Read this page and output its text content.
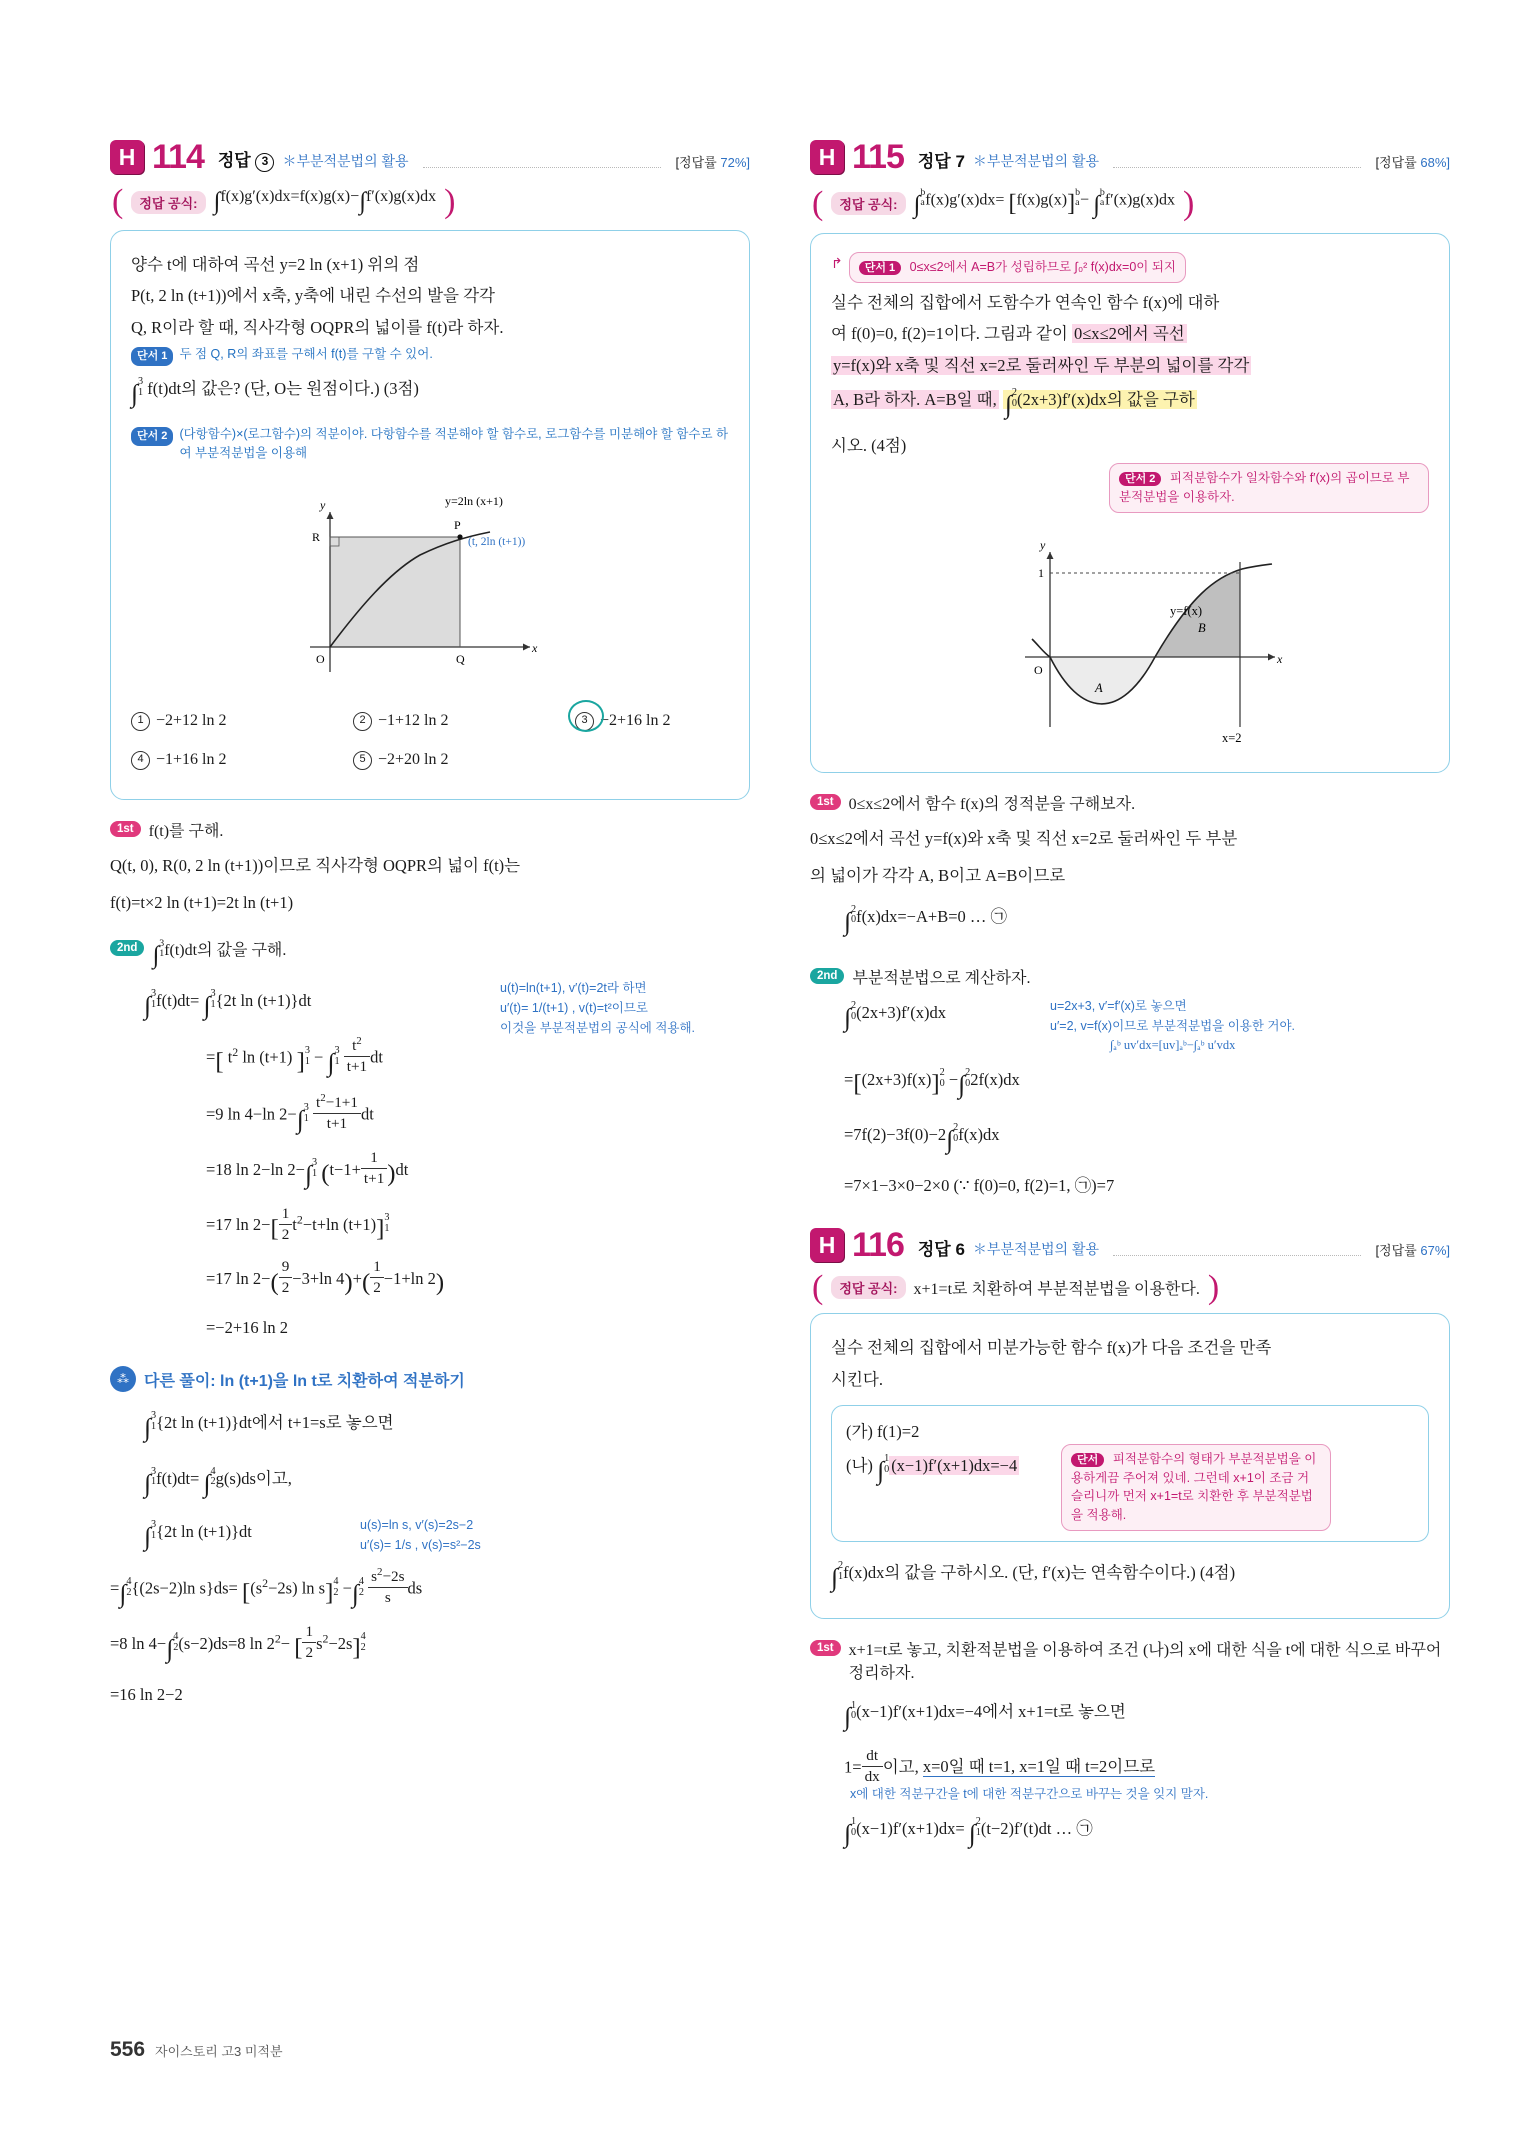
H 114 정답 3	＊부분적분법의 활용	[정답률 72%]
(	정답 공식: ∫f(x)g′(x)dx=f(x)g(x)−∫f′(x)g(x)dx )
양수 t에 대하여 곡선 y=2 ln (x+1) 위의 점
P(t, 2 ln (t+1))에서 x축, y축에 내린 수선의 발을 각각
Q, R이라 할 때, 직사각형 OQPR의 넓이를 f(t)라 하자.
단서 1 두 점 Q, R의 좌표를 구해서 f(t)를 구할 수 있어.
∫ 3
1 f(t)dt의 값은? (단, O는 원점이다.) (3점)
단서 2 (다항함수)×(로그함수)의 적분이야. 다항함수를 적분해야 할 함수로, 로그함수를 미분해야 할 함수로 하여 부분적분법을 이용해
P
R
Q
O
x
y
(t, 2ln (t+1))
y=2ln (x+1)
1 −2+12 ln 2	2 −1+12 ln 2	3 −2+16 ln 2
4 −1+16 ln 2	5 −2+20 ln 2
1st f(t)를 구해.
Q(t, 0), R(0, 2 ln (t+1))이므로 직사각형 OQPR의 넓이 f(t)는
f(t)=t×2 ln (t+1)=2t ln (t+1)
2nd ∫ 3
1 f(t)dt의 값을 구해.
u(t)=ln(t+1), v′(t)=2t라 하면
u′(t)= 1/(t+1) , v(t)=t²이므로
이것을 부분적분법의 공식에 적용해.
∫ 3
1 f(t)dt= ∫ 3
1 {2t ln (t+1)}dt
=[ $t^2$ ln (t+1) ] 3
1 − ∫ 3
1
$\frac{t^2}{t+1}$ dt
=9 ln 4−ln 2−∫ 3
1
$\frac{t^2-1+1}{t+1}$ dt
=18 ln 2−ln 2−∫ 3
1 $(t-1+ \frac{1}{t+1} )dt$
=17 $\ln 2-[ \frac{1}{2} t^2-t+\ln$ (t+1)] 3
1
=17 $\ln 2-( \frac{9}{2} -3+\ln$ $4)+( \frac{1}{2} -1+\ln$ 2)
=−2+16 ln 2
⁂ 다른 풀이: ln (t+1)을 ln t로 치환하여 적분하기
∫ 3
1 {2t ln (t+1)}dt에서 t+1=s로 놓으면
∫ 3
1 f(t)dt= ∫ 4
2 g(s)ds이고,
u(s)=ln s, v′(s)=2s−2
u′(s)= 1/s , v(s)=s²−2s
∫ 3
1 {2t ln (t+1)}dt
=∫ 4
2 {(2s−2)ln $s\}ds= [(s^2-2s)$ ln s] 4
2 −∫ 4
2
$\frac{s^2-2s}{s}$ ds
=8 ln 4−∫ 4
2 (s−2)ds=8 $\ln 2^2-$ [ $\frac{1}{2} s^2-2s$] 4
2
=16 ln 2−2
H 115 정답 7 ＊부분적분법의 활용	[정답률 68%]
(	정답 공식: ∫ b
a f(x)g′(x)dx= [f(x)g(x)] b
a − ∫ b
a f′(x)g(x)dx )
↱	단서 1 0≤x≤2에서 A=B가 성립하므로 ∫₀² f(x)dx=0이 되지
실수 전체의 집합에서 도함수가 연속인 함수 f(x)에 대하
여 f(0)=0, f(2)=1이다. 그림과 같이 0≤x≤2에서 곡선
y=f(x)와 x축 및 직선 x=2로 둘러싸인 두 부분의 넓이를 각각
A, B라 하자. A=B일 때, ∫ 2
0 (2x+3)f′(x)dx의 값을 구하
시오. (4점)
단서 2 피적분함수가 일차함수와 f′(x)의 곱이므로 부분적분법을 이용하자.
1
O
x
y
A
B
y=f(x)
x=2
1st 0≤x≤2에서 함수 f(x)의 정적분을 구해보자.
0≤x≤2에서 곡선 y=f(x)와 x축 및 직선 x=2로 둘러싸인 두 부분
의 넓이가 각각 A, B이고 A=B이므로
∫ 2
0 f(x)dx=−A+B=0 … ㉠
2nd 부분적분법으로 계산하자.
u=2x+3, v′=f′(x)로 놓으면
u′=2, v=f(x)이므로 부분적분법을 이용한 거야.
∫ 2
0 (2x+3)f′(x)dx
∫ₐᵇ uv′dx=[uv]ₐᵇ−∫ₐᵇ u′vdx
=[(2x+3)f(x)] 2
0 −∫ 2
0 2f(x)dx
=7f(2)−3f(0)−2∫ 2
0 f(x)dx
=7×1−3×0−2×0 (∵ f(0)=0, f(2)=1, ㉠)=7
H 116 정답 6 ＊부분적분법의 활용	[정답률 67%]
(	정답 공식:	x+1=t로 치환하여 부분적분법을 이용한다. )
실수 전체의 집합에서 미분가능한 함수 f(x)가 다음 조건을 만족
시킨다.
(가) f(1)=2
(나) ∫ 1
0 (x−1)f′(x+1)dx=−4	단서 피적분함수의 형태가 부분적분법을 이용하게끔 주어져 있네. 그런데 x+1이 조금 거슬리니까 먼저 x+1=t로 치환한 후 부분적분법을 적용해.
∫ 2
1 f(x)dx의 값을 구하시오. (단, f′(x)는 연속함수이다.) (4점)
1st x+1=t로 놓고, 치환적분법을 이용하여 조건 (나)의 x에 대한 식을 t에 대한 식으로 바꾸어 정리하자.
∫ 1
0 (x−1)f′(x+1)dx=−4에서 x+1=t로 놓으면
$1= \frac{dt}{dx}$ 이고, x=0일 때 t=1, x=1일 때 t=2이므로
x에 대한 적분구간을 t에 대한 적분구간으로 바꾸는 것을 잊지 말자.
∫ 1
0 (x−1)f′(x+1)dx= ∫ 2
1 (t−2)f′(t)dt … ㉠
556 자이스토리 고3 미적분
